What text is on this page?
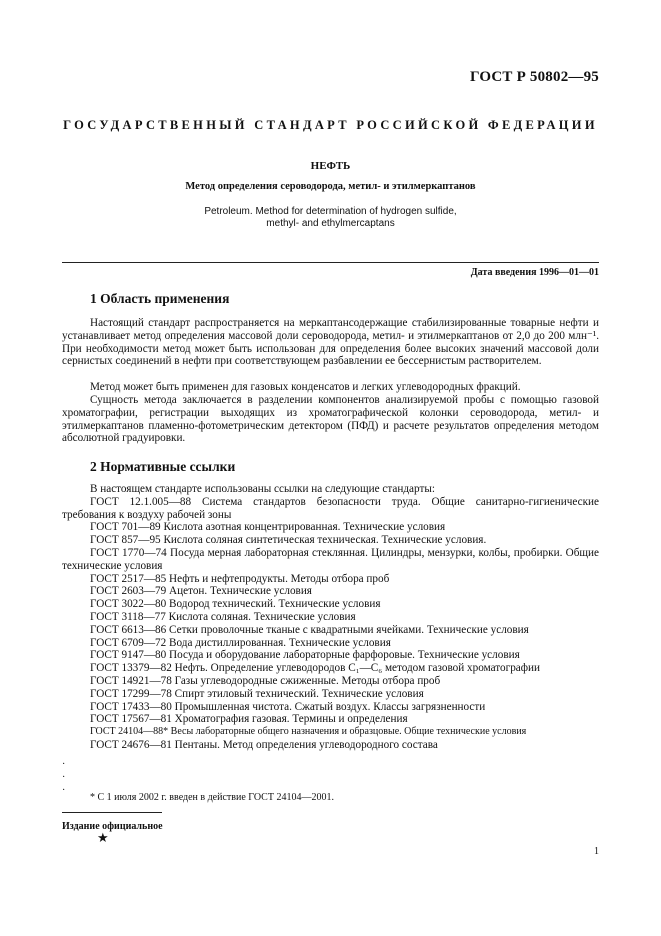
ГОСТ Р 50802—95
ГОСУДАРСТВЕННЫЙ СТАНДАРТ РОССИЙСКОЙ ФЕДЕРАЦИИ
НЕФТЬ
Метод определения сероводорода, метил- и этилмеркаптанов
Petroleum. Method for determination of hydrogen sulfide,
methyl- and ethylmercaptans
Дата введения 1996—01—01
1 Область применения
Настоящий стандарт распространяется на меркаптансодержащие стабилизированные товарные нефти и устанавливает метод определения массовой доли сероводорода, метил- и этилмеркаптанов от 2,0 до 200 млн⁻¹. При необходимости метод может быть использован для определения более высоких значений массовой доли сернистых соединений в нефти при соответствующем разбавлении ее бессернистым растворителем.
Метод может быть применен для газовых конденсатов и легких углеводородных фракций.
Сущность метода заключается в разделении компонентов анализируемой пробы с помощью газовой хроматографии, регистрации выходящих из хроматографической колонки сероводорода, метил- и этилмеркаптанов пламенно-фотометрическим детектором (ПФД) и расчете результатов определения методом абсолютной градуировки.
2 Нормативные ссылки
В настоящем стандарте использованы ссылки на следующие стандарты:
ГОСТ 12.1.005—88 Система стандартов безопасности труда. Общие санитарно-гигиенические требования к воздуху рабочей зоны
ГОСТ 701—89 Кислота азотная концентрированная. Технические условия
ГОСТ 857—95 Кислота соляная синтетическая техническая. Технические условия.
ГОСТ 1770—74 Посуда мерная лабораторная стеклянная. Цилиндры, мензурки, колбы, пробирки. Общие технические условия
ГОСТ 2517—85 Нефть и нефтепродукты. Методы отбора проб
ГОСТ 2603—79 Ацетон. Технические условия
ГОСТ 3022—80 Водород технический. Технические условия
ГОСТ 3118—77 Кислота соляная. Технические условия
ГОСТ 6613—86 Сетки проволочные тканые с квадратными ячейками. Технические условия
ГОСТ 6709—72 Вода дистиллированная. Технические условия
ГОСТ 9147—80 Посуда и оборудование лабораторные фарфоровые. Технические условия
ГОСТ 13379—82 Нефть. Определение углеводородов C₁—C₆ методом газовой хроматографии
ГОСТ 14921—78 Газы углеводородные сжиженные. Методы отбора проб
ГОСТ 17299—78 Спирт этиловый технический. Технические условия
ГОСТ 17433—80 Промышленная чистота. Сжатый воздух. Классы загрязненности
ГОСТ 17567—81 Хроматография газовая. Термины и определения
ГОСТ 24104—88* Весы лабораторные общего назначения и образцовые. Общие технические условия
ГОСТ 24676—81 Пентаны. Метод определения углеводородного состава
·
·
·
* С 1 июля 2002 г. введен в действие ГОСТ 24104—2001.
Издание официальное
★
1
